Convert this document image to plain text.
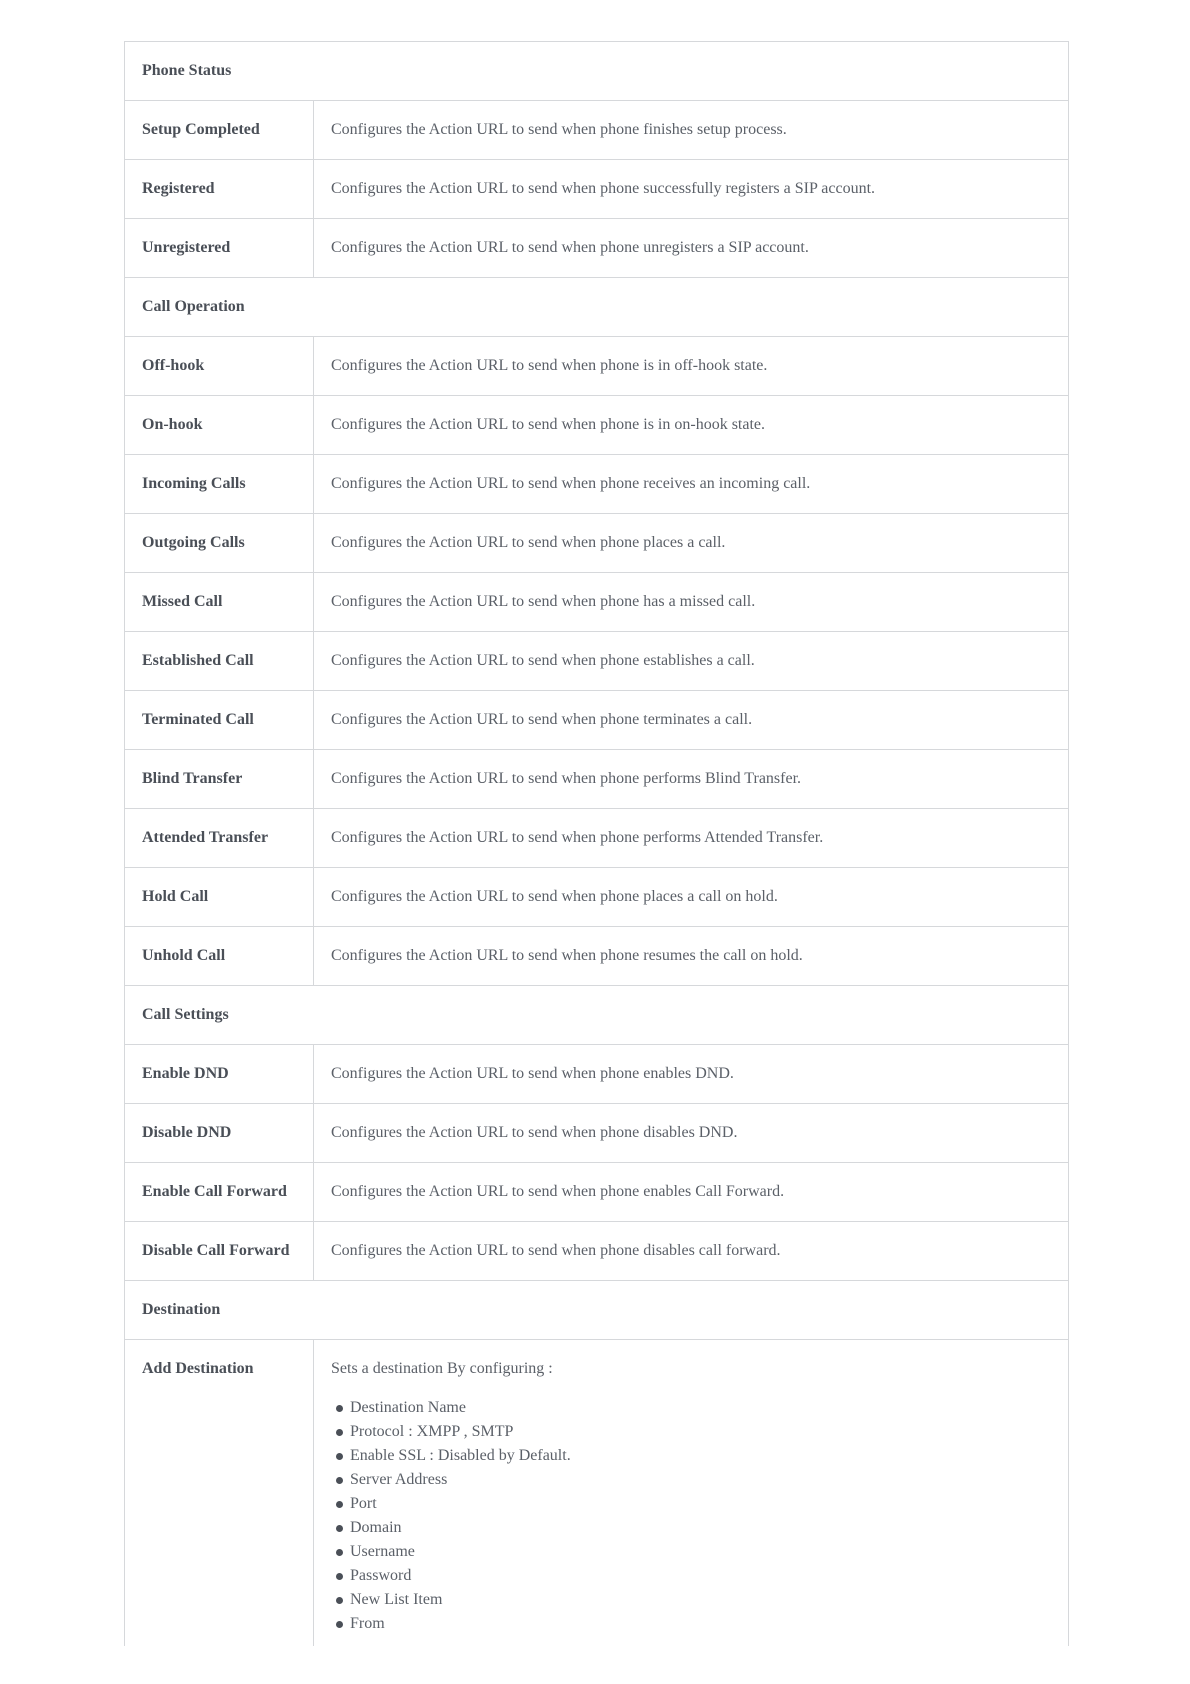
Phone Status
Setup Completed	Configures the Action URL to send when phone finishes setup process.
Registered	Configures the Action URL to send when phone successfully registers a SIP account.
Unregistered	Configures the Action URL to send when phone unregisters a SIP account.
Call Operation
Off-hook	Configures the Action URL to send when phone is in off-hook state.
On-hook	Configures the Action URL to send when phone is in on-hook state.
Incoming Calls	Configures the Action URL to send when phone receives an incoming call.
Outgoing Calls	Configures the Action URL to send when phone places a call.
Missed Call	Configures the Action URL to send when phone has a missed call.
Established Call	Configures the Action URL to send when phone establishes a call.
Terminated Call	Configures the Action URL to send when phone terminates a call.
Blind Transfer	Configures the Action URL to send when phone performs Blind Transfer.
Attended Transfer	Configures the Action URL to send when phone performs Attended Transfer.
Hold Call	Configures the Action URL to send when phone places a call on hold.
Unhold Call	Configures the Action URL to send when phone resumes the call on hold.
Call Settings
Enable DND	Configures the Action URL to send when phone enables DND.
Disable DND	Configures the Action URL to send when phone disables DND.
Enable Call Forward	Configures the Action URL to send when phone enables Call Forward.
Disable Call Forward	Configures the Action URL to send when phone disables call forward.
Destination
Add Destination	Sets a destination By configuring :
Destination Name
Protocol : XMPP , SMTP
Enable SSL : Disabled by Default.
Server Address
Port
Domain
Username
Password
New List Item
From
